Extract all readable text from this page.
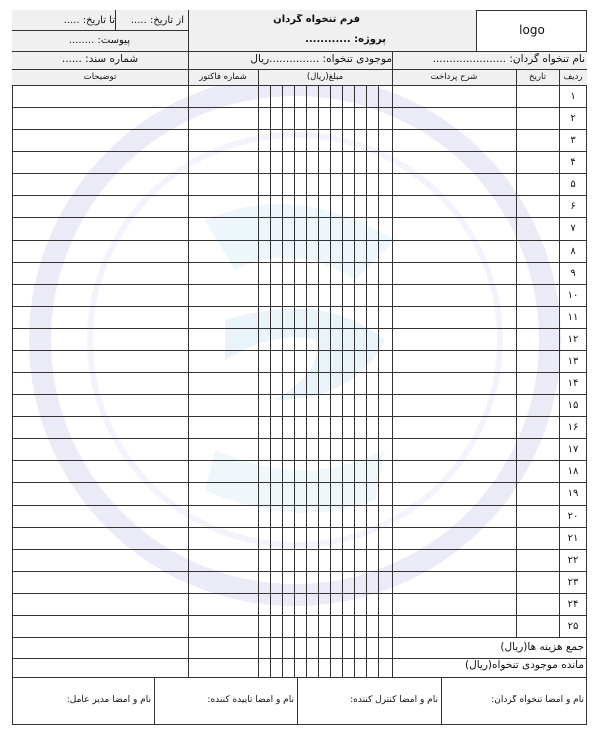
از تاریخ: .....
تا تاریخ: .....
پیوست: ........
فرم تنخواه گردان
پروژه: ............
logo
نام تنخواه گردان: ......................
موجودی تنخواه: ...............ریال
شماره سند: ......
ردیف
تاریخ
شرح پرداخت
مبلغ(ریال)
شماره فاکتور
توضیحات
۱
۲
۳
۴
۵
۶
۷
۸
۹
۱۰
۱۱
۱۲
۱۳
۱۴
۱۵
۱۶
۱۷
۱۸
۱۹
۲۰
۲۱
۲۲
۲۳
۲۴
۲۵
جمع هزینه ها(ریال)
مانده موجودی تنخواه(ریال)
نام و امضا تنخواه گردان:
نام و امضا کنترل کننده:
نام و امضا تاییده کننده:
نام و امضا مدیر عامل:
